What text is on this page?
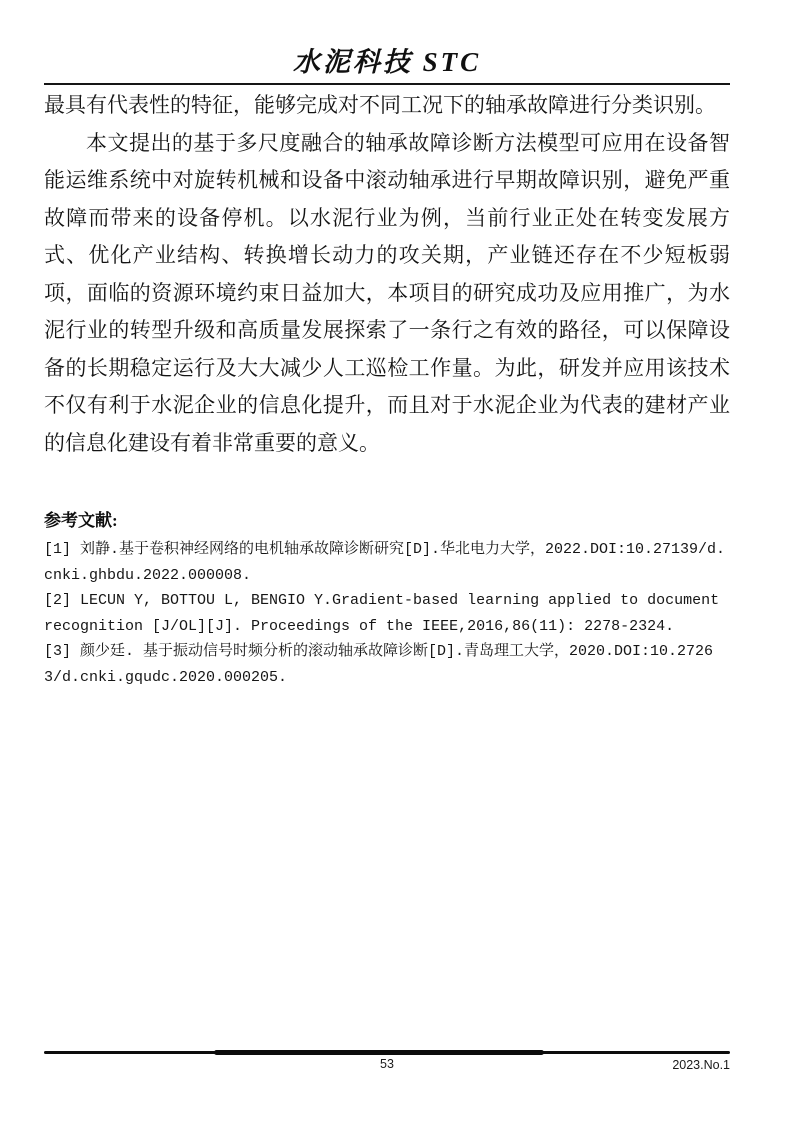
水泥科技 STC

最具有代表性的特征，能够完成对不同工况下的轴承故障进行分类识别。

本文提出的基于多尺度融合的轴承故障诊断方法模型可应用在设备智能运维系统中对旋转机械和设备中滚动轴承进行早期故障识别，避免严重故障而带来的设备停机。以水泥行业为例，当前行业正处在转变发展方式、优化产业结构、转换增长动力的攻关期，产业链还存在不少短板弱项，面临的资源环境约束日益加大，本项目的研究成功及应用推广，为水泥行业的转型升级和高质量发展探索了一条行之有效的路径，可以保障设备的长期稳定运行及大大减少人工巡检工作量。为此，研发并应用该技术不仅有利于水泥企业的信息化提升，而且对于水泥企业为代表的建材产业的信息化建设有着非常重要的意义。

参考文献:
[1] 刘静.基于卷积神经网络的电机轴承故障诊断研究[D].华北电力大学，2022.DOI:10.27139/d.cnki.ghbdu.2022.000008.
[2] LECUN Y, BOTTOU L, BENGIO Y.Gradient-based learning applied to document recognition [J/OL][J]. Proceedings of the IEEE,2016,86(11): 2278-2324.
[3] 颜少廷. 基于振动信号时频分析的滚动轴承故障诊断[D].青岛理工大学，2020.DOI:10.27263/d.cnki.gqudc.2020.000205.
53	2023.No.1
